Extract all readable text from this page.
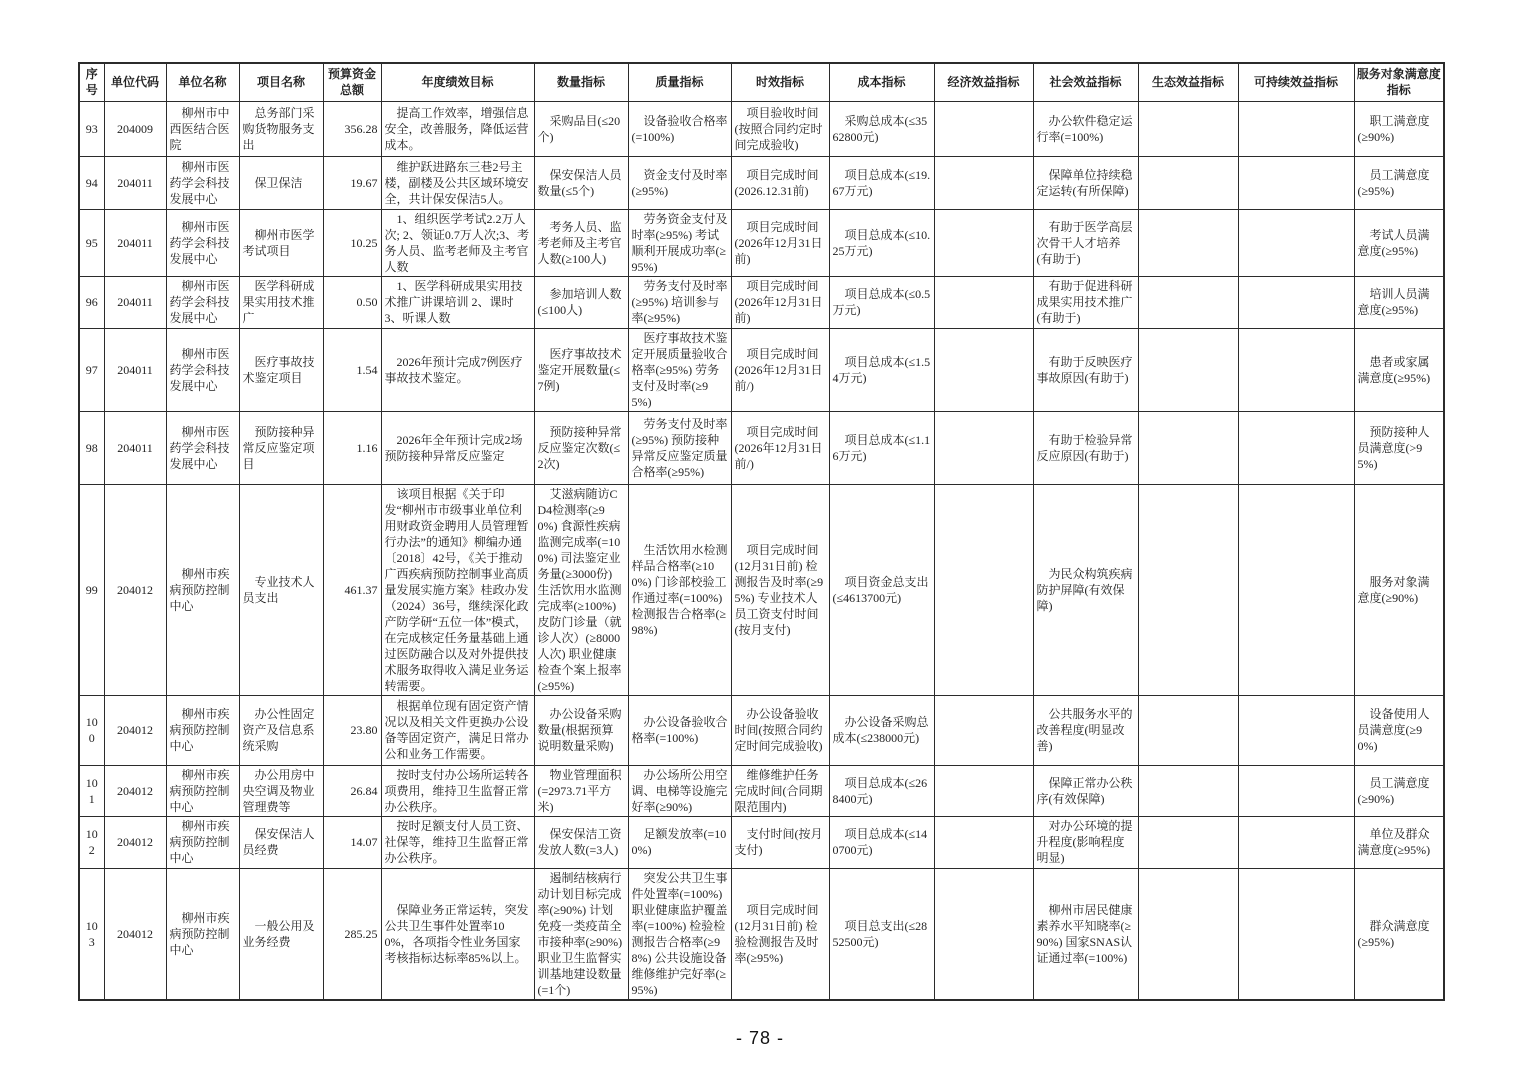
序号	单位代码	单位名称	项目名称	预算资金总额	年度绩效目标	数量指标	质量指标	时效指标	成本指标	经济效益指标	社会效益指标	生态效益指标	可持续效益指标	服务对象满意度指标
93	204009	柳州市中西医结合医院	总务部门采购货物服务支出	356.28	提高工作效率，增强信息安全，改善服务，降低运营成本。	采购品目(≤20个)	设备验收合格率(=100%)	项目验收时间(按照合同约定时间完成验收)	采购总成本(≤3562800元)		办公软件稳定运行率(=100%)			职工满意度(≥90%)
94	204011	柳州市医药学会科技发展中心	保卫保洁	19.67	维护跃进路东三巷2号主楼，副楼及公共区域环境安全，共计保安保洁5人。	保安保洁人员数量(≤5个)	资金支付及时率(≥95%)	项目完成时间(2026.12.31前)	项目总成本(≤19.67万元)		保障单位持续稳定运转(有所保障)			员工满意度(≥95%)
95	204011	柳州市医药学会科技发展中心	柳州市医学考试项目	10.25	1、组织医学考试2.2万人次; 2、领证0.7万人次;3、考务人员、监考老师及主考官人数	考务人员、监考老师及主考官人数(≥100人)	劳务资金支付及时率(≥95%) 考试顺利开展成功率(≥95%)	项目完成时间(2026年12月31日前)	项目总成本(≤10.25万元)		有助于医学高层次骨干人才培养(有助于)			考试人员满意度(≥95%)
96	204011	柳州市医药学会科技发展中心	医学科研成果实用技术推广	0.50	1、医学科研成果实用技术推广讲课培训 2、课时 3、听课人数	参加培训人数(≤100人)	劳务支付及时率(≥95%) 培训参与率(≥95%)	项目完成时间(2026年12月31日前)	项目总成本(≤0.5万元)		有助于促进科研成果实用技术推广(有助于)			培训人员满意度(≥95%)
97	204011	柳州市医药学会科技发展中心	医疗事故技术鉴定项目	1.54	2026年预计完成7例医疗事故技术鉴定。	医疗事故技术鉴定开展数量(≤7例)	医疗事故技术鉴定开展质量验收合格率(≥95%) 劳务支付及时率(≥95%)	项目完成时间(2026年12月31日前/)	项目总成本(≤1.54万元)		有助于反映医疗事故原因(有助于)			患者或家属满意度(≥95%)
98	204011	柳州市医药学会科技发展中心	预防接种异常反应鉴定项目	1.16	2026年全年预计完成2场预防接种异常反应鉴定	预防接种异常反应鉴定次数(≤2次)	劳务支付及时率(≥95%) 预防接种异常反应鉴定质量合格率(≥95%)	项目完成时间(2026年12月31日前/)	项目总成本(≤1.16万元)		有助于检验异常反应原因(有助于)			预防接种人员满意度(>95%)
99	204012	柳州市疾病预防控制中心	专业技术人员支出	461.37	该项目根据《关于印发“柳州市市级事业单位利用财政资金聘用人员管理暂行办法”的通知》柳编办通〔2018〕42号，《关于推动广西疾病预防控制事业高质量发展实施方案》桂政办发（2024）36号，继续深化政产防学研“五位一体”模式，在完成核定任务量基础上通过医防融合以及对外提供技术服务取得收入满足业务运转需要。	艾滋病随访CD4检测率(≥90%) 食源性疾病监测完成率(=100%) 司法鉴定业务量(≥3000份) 生活饮用水监测完成率(≥100%) 皮防门诊量（就诊人次）(≥8000人次) 职业健康检查个案上报率(≥95%)	生活饮用水检测样品合格率(≥100%) 门诊部校验工作通过率(=100%) 检测报告合格率(≥98%)	项目完成时间(12月31日前) 检测报告及时率(≥95%) 专业技术人员工资支付时间(按月支付)	项目资金总支出(≤4613700元)		为民众构筑疾病防护屏障(有效保障)			服务对象满意度(≥90%)
100	204012	柳州市疾病预防控制中心	办公性固定资产及信息系统采购	23.80	根据单位现有固定资产情况以及相关文件更换办公设备等固定资产，满足日常办公和业务工作需要。	办公设备采购数量(根据预算说明数量采购)	办公设备验收合格率(=100%)	办公设备验收时间(按照合同约定时间完成验收)	办公设备采购总成本(≤238000元)		公共服务水平的改善程度(明显改善)			设备使用人员满意度(≥90%)
101	204012	柳州市疾病预防控制中心	办公用房中央空调及物业管理费等	26.84	按时支付办公场所运转各项费用，维持卫生监督正常办公秩序。	物业管理面积(=2973.71平方米)	办公场所公用空调、电梯等设施完好率(≥90%)	维修维护任务完成时间(合同期限范围内)	项目总成本(≤268400元)		保障正常办公秩序(有效保障)			员工满意度(≥90%)
102	204012	柳州市疾病预防控制中心	保安保洁人员经费	14.07	按时足额支付人员工资、社保等，维持卫生监督正常办公秩序。	保安保洁工资发放人数(=3人)	足额发放率(=100%)	支付时间(按月支付)	项目总成本(≤140700元)		对办公环境的提升程度(影响程度明显)			单位及群众满意度(≥95%)
103	204012	柳州市疾病预防控制中心	一般公用及业务经费	285.25	保障业务正常运转，突发公共卫生事件处置率100%，各项指令性业务国家考核指标达标率85%以上。	遏制结核病行动计划目标完成率(≥90%) 计划免疫一类疫苗全市接种率(≥90%) 职业卫生监督实训基地建设数量(=1个)	突发公共卫生事件处置率(=100%) 职业健康监护覆盖率(=100%) 检验检测报告合格率(≥98%) 公共设施设备维修维护完好率(≥95%)	项目完成时间(12月31日前) 检验检测报告及时率(≥95%)	项目总支出(≤2852500元)		柳州市居民健康素养水平知晓率(≥90%) 国家SNAS认证通过率(=100%)			群众满意度(≥95%)
- 78 -
